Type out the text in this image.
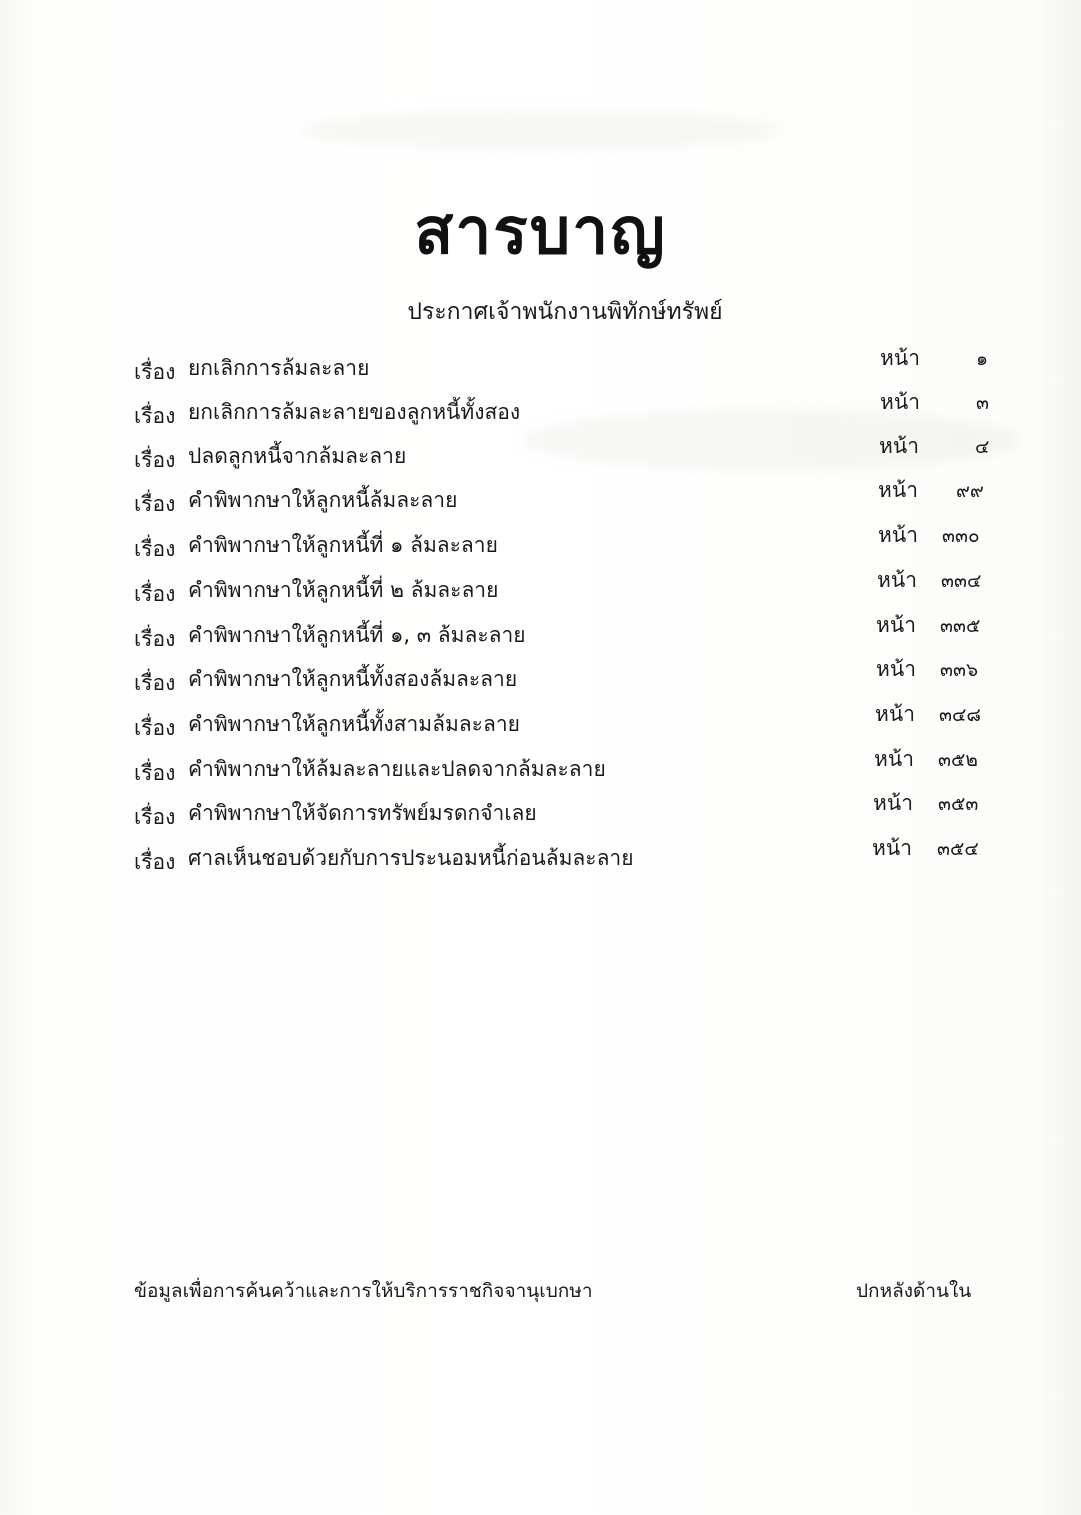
สารบาญ
ประกาศเจ้าพนักงานพิทักษ์ทรัพย์
เรื่อง ยกเลิกการล้มละลาย	หน้า	๑
เรื่อง ยกเลิกการล้มละลายของลูกหนี้ทั้งสอง	หน้า	๓
เรื่อง ปลดลูกหนี้จากล้มละลาย	หน้า	๔
เรื่อง คำพิพากษาให้ลูกหนี้ล้มละลาย	หน้า ๙๙
เรื่อง คำพิพากษาให้ลูกหนี้ที่ ๑ ล้มละลาย	หน้า ๓๓๐
เรื่อง คำพิพากษาให้ลูกหนี้ที่ ๒ ล้มละลาย	หน้า ๓๓๔
เรื่อง คำพิพากษาให้ลูกหนี้ที่ ๑, ๓ ล้มละลาย	หน้า ๓๓๕
เรื่อง คำพิพากษาให้ลูกหนี้ทั้งสองล้มละลาย	หน้า ๓๓๖
เรื่อง คำพิพากษาให้ลูกหนี้ทั้งสามล้มละลาย	หน้า ๓๔๘
เรื่อง คำพิพากษาให้ล้มละลายและปลดจากล้มละลาย	หน้า ๓๕๒
เรื่อง คำพิพากษาให้จัดการทรัพย์มรดกจำเลย	หน้า ๓๕๓
เรื่อง ศาลเห็นชอบด้วยกับการประนอมหนี้ก่อนล้มละลาย	หน้า ๓๕๔
ข้อมูลเพื่อการค้นคว้าและการให้บริการราชกิจจานุเบกษา	ปกหลังด้านใน
